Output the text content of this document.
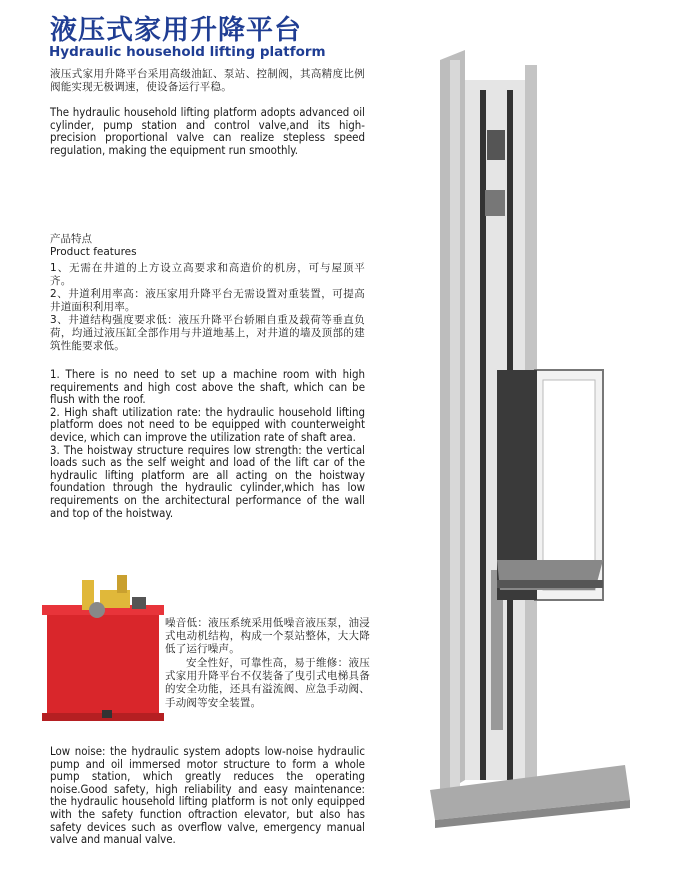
液压式家用升降平台
Hydraulic household lifting platform
液压式家用升降平台采用高级油缸、泵站、控制阀，其高精度比例阀能实现无极调速，使设备运行平稳。
The hydraulic household lifting platform adopts advanced oil cylinder, pump station and control valve,and its high-precision proportional valve can realize stepless speed regulation, making the equipment run smoothly.
产品特点
Product features
1、无需在井道的上方设立高要求和高造价的机房，可与屋顶平齐。
2、井道利用率高：液压家用升降平台无需设置对重装置，可提高井道面积利用率。
3、井道结构强度要求低：液压升降平台轿厢自重及载荷等垂直负荷，均通过液压缸全部作用与井道地基上，对井道的墙及顶部的建筑性能要求低。
1. There is no need to set up a machine room with high requirements and high cost above the shaft, which can be flush with the roof.
2. High shaft utilization rate: the hydraulic household lifting platform does not need to be equipped with counterweight device, which can improve the utilization rate of shaft area.
3. The hoistway structure requires low strength: the vertical loads such as the self weight and load of the lift car of the hydraulic lifting platform are all acting on the hoistway foundation through the hydraulic cylinder,which has low requirements on the architectural performance of the wall and top of the hoistway.
噪音低：液压系统采用低噪音液压泵，油浸式电动机结构，构成一个泵站整体，大大降低了运行噪声。
安全性好，可靠性高，易于维修：液压式家用升降平台不仅装备了曳引式电梯具备的安全功能，还具有溢流阀、应急手动阀、手动阀等安全装置。
Low noise: the hydraulic system adopts low-noise hydraulic pump and oil immersed motor structure to form a whole pump station, which greatly reduces the operating noise.Good safety, high reliability and easy maintenance: the hydraulic household lifting platform is not only equipped with the safety function oftraction elevator, but also has safety devices such as overflow valve, emergency manual valve and manual valve.
